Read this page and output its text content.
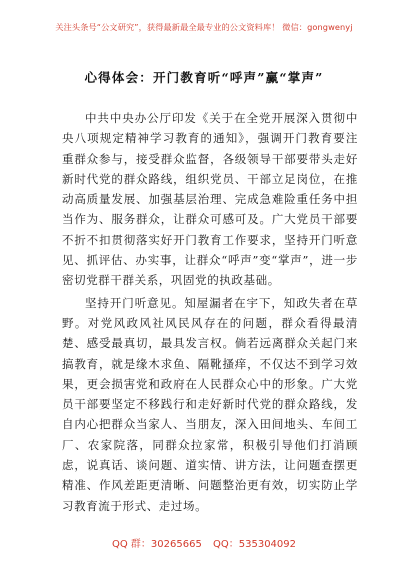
关注头条号“公文研究”，获得最新最全最专业的公文资料库！ 微信：gongwenyj
心得体会：开门教育听“呼声”赢“掌声”

中共中央办公厅印发《关于在全党开展深入贯彻中央八项规定精神学习教育的通知》，强调开门教育要注重群众参与，接受群众监督，各级领导干部要带头走好新时代党的群众路线，组织党员、干部立足岗位，在推动高质量发展、加强基层治理、完成急难险重任务中担当作为、服务群众，让群众可感可及。广大党员干部要不折不扣贯彻落实好开门教育工作要求，坚持开门听意见、抓评估、办实事，让群众“呼声”变“掌声”，进一步密切党群干群关系，巩固党的执政基础。

坚持开门听意见。知屋漏者在宇下，知政失者在草野。对党风政风社风民风存在的问题，群众看得最清楚、感受最真切，最具发言权。倘若远离群众关起门来搞教育，就是缘木求鱼、隔靴搔痒，不仅达不到学习效果，更会损害党和政府在人民群众心中的形象。广大党员干部要坚定不移践行和走好新时代党的群众路线，发自内心把群众当家人、当朋友，深入田间地头、车间工厂、农家院落，同群众拉家常，积极引导他们打消顾虑，说真话、谈问题、道实情、讲方法，让问题查摆更精准、作风差距更清晰、问题整治更有效，切实防止学习教育流于形式、走过场。

QQ 群：30265665 QQ：535304092
